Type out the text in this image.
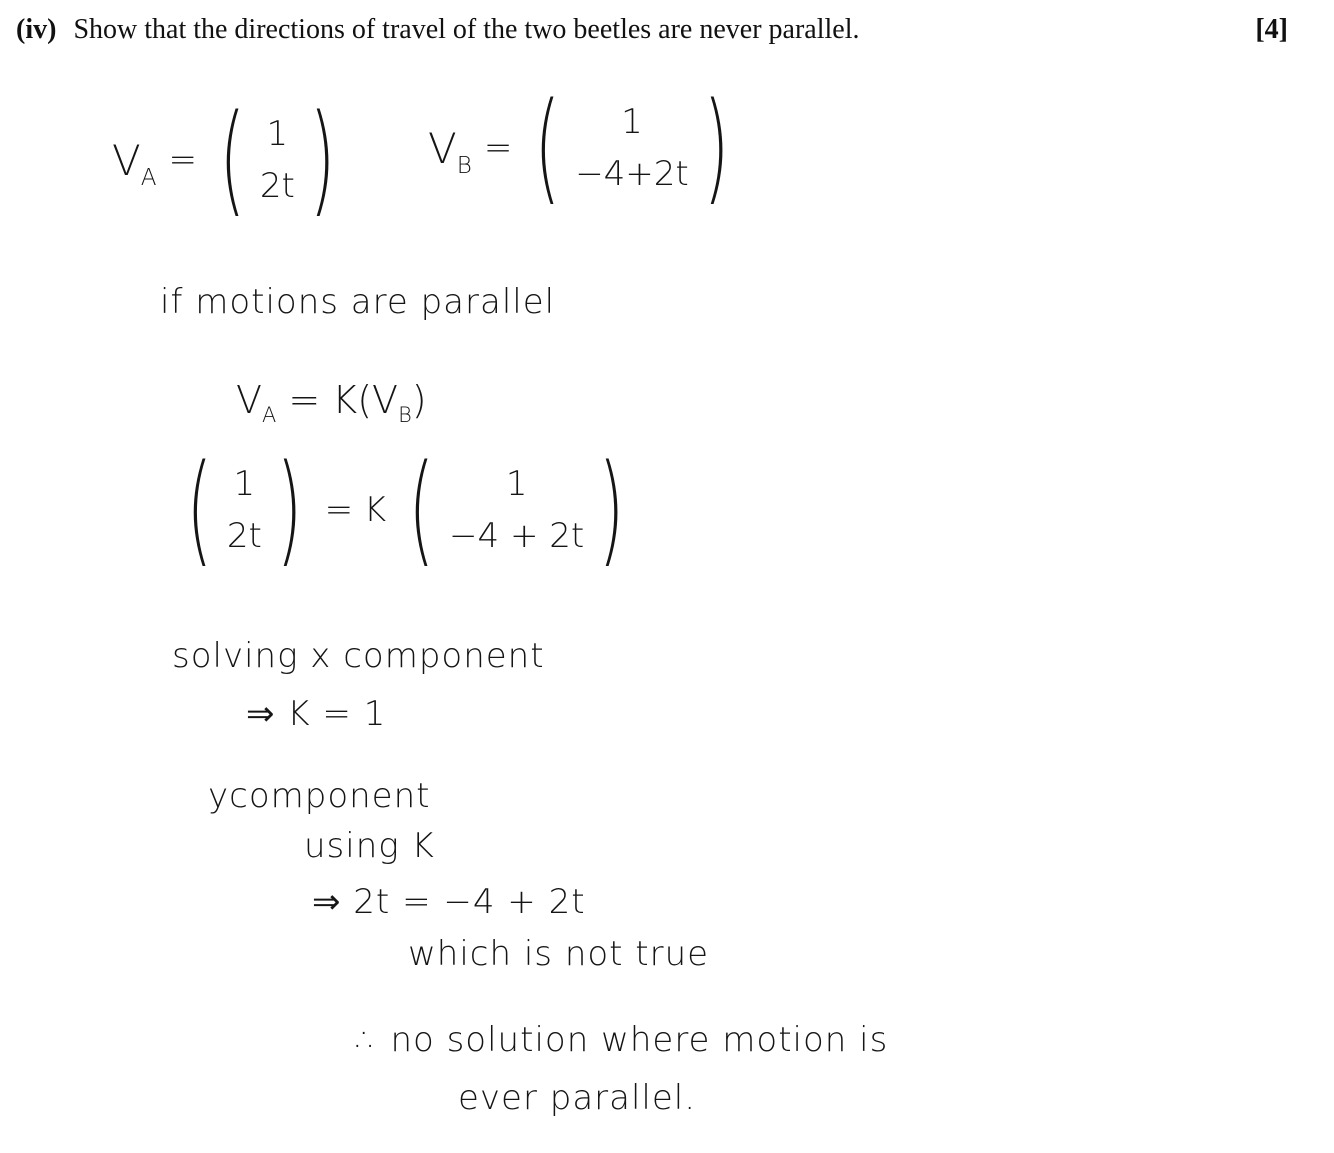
(iv) Show that the directions of travel of the two beetles are never parallel.	[4]
$V_A$ = ( 1
2t ) $V_B$ = ( 1
−4+2t )
if motions are parallel
$V_A = K(V_B)$
( 1
2t ) = K ( 1
−4 + 2t )
solving x component
⇒ K = 1
ycomponent
using K
⇒ 2t = −4 + 2t
which is not true
∴ no solution where motion is
ever parallel.
